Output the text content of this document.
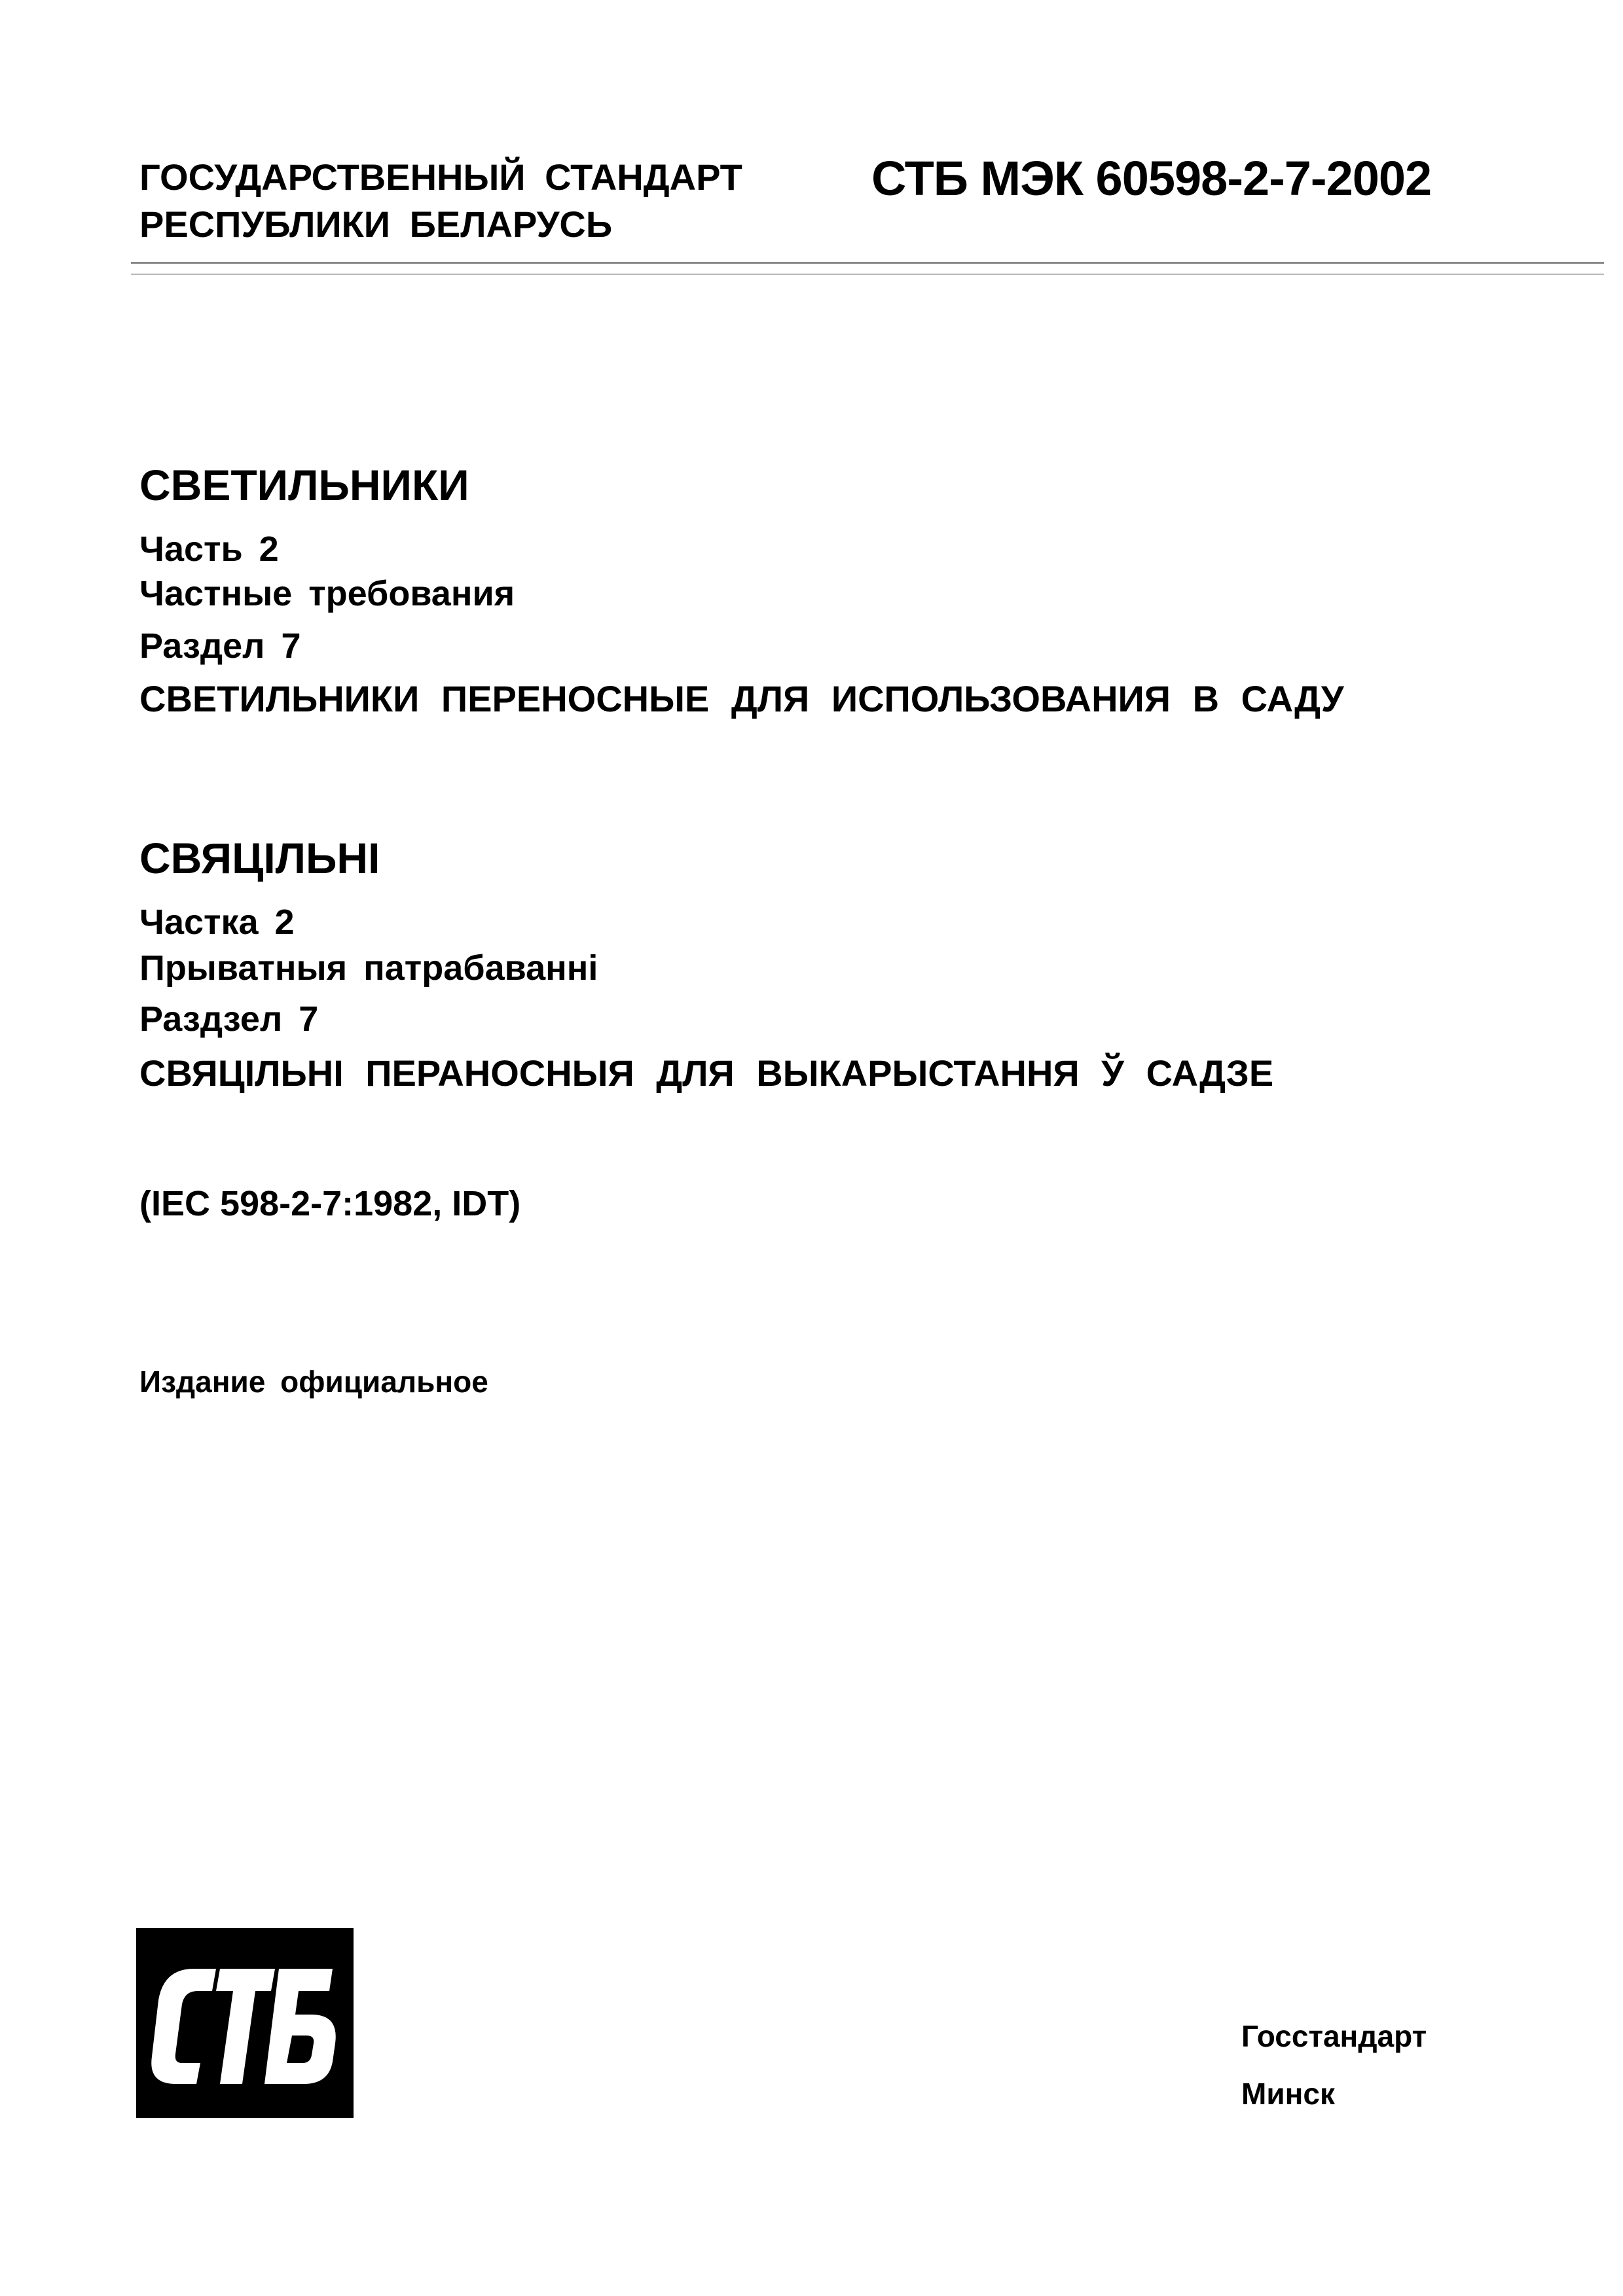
ГОСУДАРСТВЕННЫЙ СТАНДАРТ
РЕСПУБЛИКИ БЕЛАРУСЬ
СТБ МЭК 60598-2-7-2002
СВЕТИЛЬНИКИ
Часть 2
Частные требования
Раздел 7
СВЕТИЛЬНИКИ ПЕРЕНОСНЫЕ ДЛЯ ИСПОЛЬЗОВАНИЯ В САДУ
СВЯЦІЛЬНІ
Частка 2
Прыватныя патрабаванні
Раздзел 7
СВЯЦІЛЬНІ ПЕРАНОСНЫЯ ДЛЯ ВЫКАРЫСТАННЯ Ў САДЗЕ
(IEC 598-2-7:1982, IDT)
Издание официальное
Госстандарт
Минск
